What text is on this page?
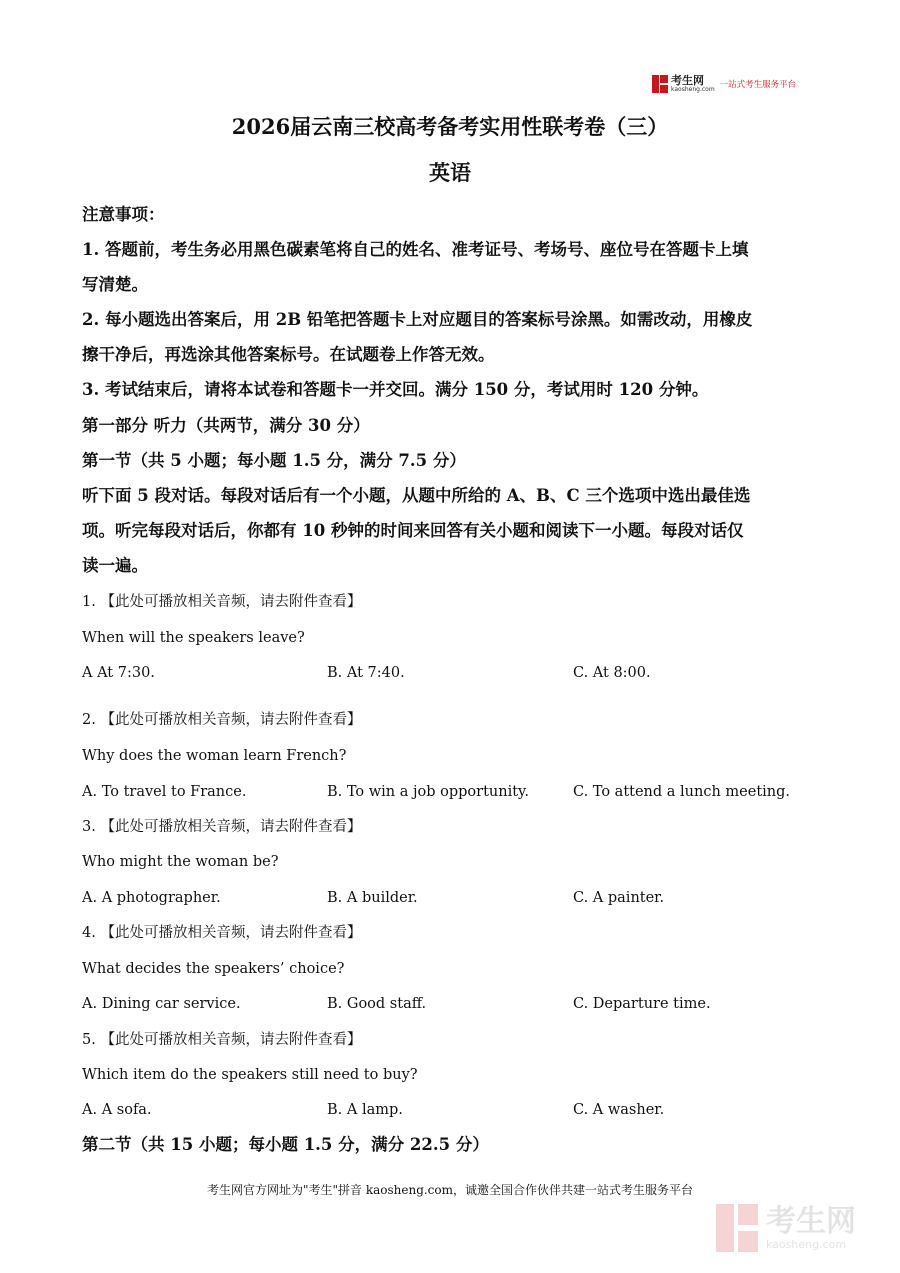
考生网
kaosheng.com 一站式考生服务平台
2026届云南三校高考备考实用性联考卷（三）
英语
注意事项：
1. 答题前，考生务必用黑色碳素笔将自己的姓名、准考证号、考场号、座位号在答题卡上填
写清楚。
2. 每小题选出答案后，用 2B 铅笔把答题卡上对应题目的答案标号涂黑。如需改动，用橡皮
擦干净后，再选涂其他答案标号。在试题卷上作答无效。
3. 考试结束后，请将本试卷和答题卡一并交回。满分 150 分，考试用时 120 分钟。
第一部分 听力（共两节，满分 30 分）
第一节（共 5 小题；每小题 1.5 分，满分 7.5 分）
听下面 5 段对话。每段对话后有一个小题，从题中所给的 A、B、C 三个选项中选出最佳选
项。听完每段对话后，你都有 10 秒钟的时间来回答有关小题和阅读下一小题。每段对话仅
读一遍。
1. 【此处可播放相关音频，请去附件查看】
When will the speakers leave?
A At 7:30.	B. At 7:40.	C. At 8:00.
2. 【此处可播放相关音频，请去附件查看】
Why does the woman learn French?
A. To travel to France.	B. To win a job opportunity.	C. To attend a lunch meeting.
3. 【此处可播放相关音频，请去附件查看】
Who might the woman be?
A. A photographer.	B. A builder.	C. A painter.
4. 【此处可播放相关音频，请去附件查看】
What decides the speakers’ choice?
A. Dining car service.	B. Good staff.	C. Departure time.
5. 【此处可播放相关音频，请去附件查看】
Which item do the speakers still need to buy?
A. A sofa.	B. A lamp.	C. A washer.
第二节（共 15 小题；每小题 1.5 分，满分 22.5 分）
考生网官方网址为"考生"拼音 kaosheng.com，诚邀全国合作伙伴共建一站式考生服务平台
考生网
kaosheng.com
